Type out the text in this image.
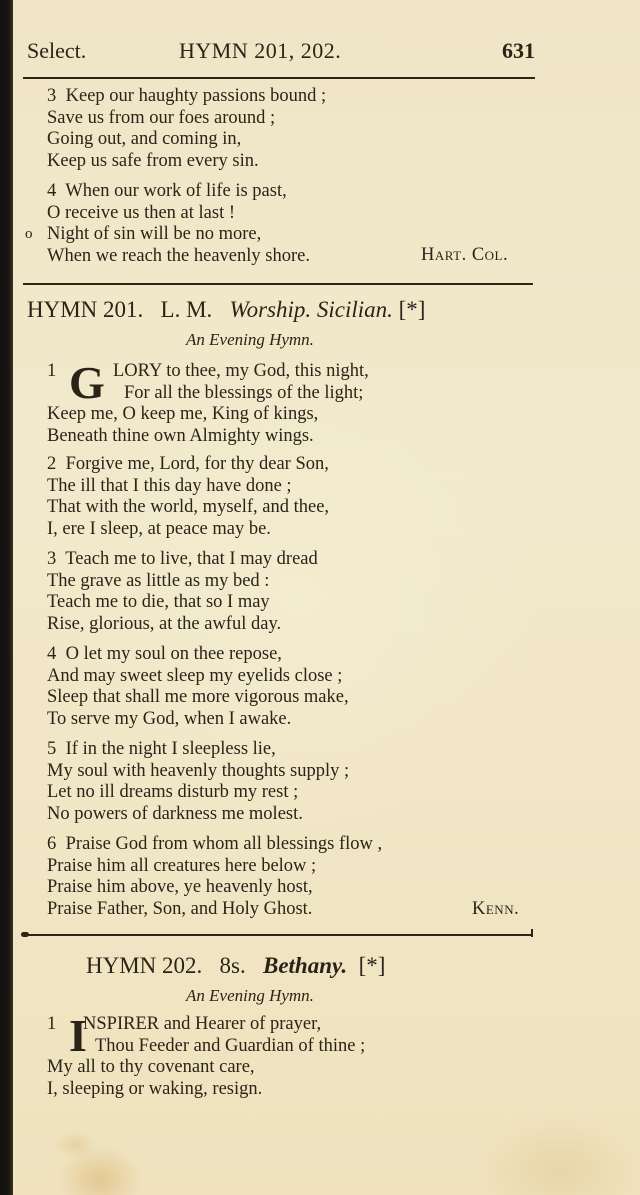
Select.	HYMN 201, 202.	631
3 Keep our haughty passions bound ;
Save us from our foes around ;
Going out, and coming in,
Keep us safe from every sin.
4 When our work of life is past,
O receive us then at last !
o Night of sin will be no more,
When we reach the heavenly shore.	Hart. Col.
HYMN 201. L. M. Worship. Sicilian. [*]
An Evening Hymn.
1 G LORY to thee, my God, this night,
For all the blessings of the light;
Keep me, O keep me, King of kings,
Beneath thine own Almighty wings.
2 Forgive me, Lord, for thy dear Son,
The ill that I this day have done ;
That with the world, myself, and thee,
I, ere I sleep, at peace may be.
3 Teach me to live, that I may dread
The grave as little as my bed :
Teach me to die, that so I may
Rise, glorious, at the awful day.
4 O let my soul on thee repose,
And may sweet sleep my eyelids close ;
Sleep that shall me more vigorous make,
To serve my God, when I awake.
5 If in the night I sleepless lie,
My soul with heavenly thoughts supply ;
Let no ill dreams disturb my rest ;
No powers of darkness me molest.
6 Praise God from whom all blessings flow ,
Praise him all creatures here below ;
Praise him above, ye heavenly host,
Praise Father, Son, and Holy Ghost.	Kenn.
HYMN 202. 8s. Bethany. [*]
An Evening Hymn.
1 I
NSPIRER and Hearer of prayer,
Thou Feeder and Guardian of thine ;
My all to thy covenant care,
I, sleeping or waking, resign.
